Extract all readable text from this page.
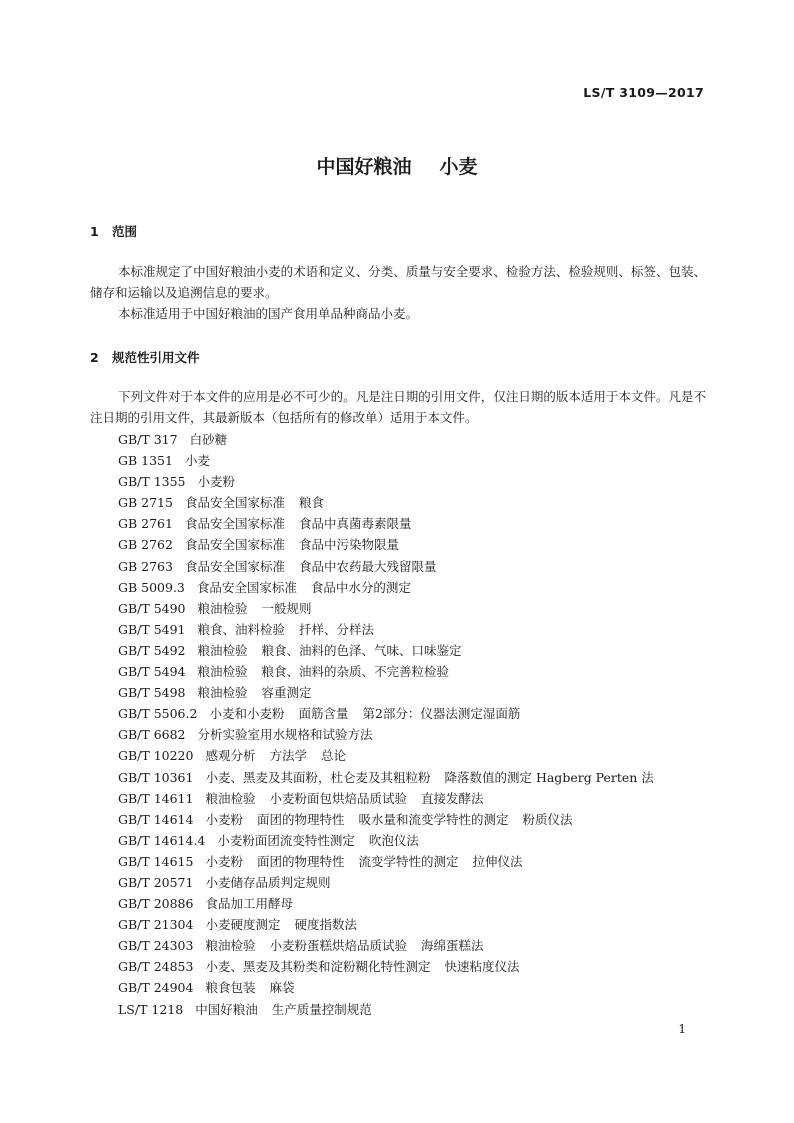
LS/T 3109—2017
中国好粮油 小麦
1 范围

本标准规定了中国好粮油小麦的术语和定义、分类、质量与安全要求、检验方法、检验规则、标签、包装、储存和运输以及追溯信息的要求。

本标准适用于中国好粮油的国产食用单品种商品小麦。

2 规范性引用文件

下列文件对于本文件的应用是必不可少的。凡是注日期的引用文件，仅注日期的版本适用于本文件。凡是不注日期的引用文件，其最新版本（包括所有的修改单）适用于本文件。

GB/T 317 白砂糖
GB 1351 小麦
GB/T 1355 小麦粉
GB 2715 食品安全国家标准 粮食
GB 2761 食品安全国家标准 食品中真菌毒素限量
GB 2762 食品安全国家标准 食品中污染物限量
GB 2763 食品安全国家标准 食品中农药最大残留限量
GB 5009.3 食品安全国家标准 食品中水分的测定
GB/T 5490 粮油检验 一般规则
GB/T 5491 粮食、油料检验 扦样、分样法
GB/T 5492 粮油检验 粮食、油料的色泽、气味、口味鉴定
GB/T 5494 粮油检验 粮食、油料的杂质、不完善粒检验
GB/T 5498 粮油检验 容重测定
GB/T 5506.2 小麦和小麦粉 面筋含量 第2部分：仪器法测定湿面筋
GB/T 6682 分析实验室用水规格和试验方法
GB/T 10220 感观分析 方法学 总论
GB/T 10361 小麦、黑麦及其面粉，杜仑麦及其粗粒粉 降落数值的测定 Hagberg Perten 法
GB/T 14611 粮油检验 小麦粉面包烘焙品质试验 直接发酵法
GB/T 14614 小麦粉 面团的物理特性 吸水量和流变学特性的测定 粉质仪法
GB/T 14614.4 小麦粉面团流变特性测定 吹泡仪法
GB/T 14615 小麦粉 面团的物理特性 流变学特性的测定 拉伸仪法
GB/T 20571 小麦储存品质判定规则
GB/T 20886 食品加工用酵母
GB/T 21304 小麦硬度测定 硬度指数法
GB/T 24303 粮油检验 小麦粉蛋糕烘焙品质试验 海绵蛋糕法
GB/T 24853 小麦、黑麦及其粉类和淀粉糊化特性测定 快速粘度仪法
GB/T 24904 粮食包装 麻袋
LS/T 1218 中国好粮油 生产质量控制规范
1
